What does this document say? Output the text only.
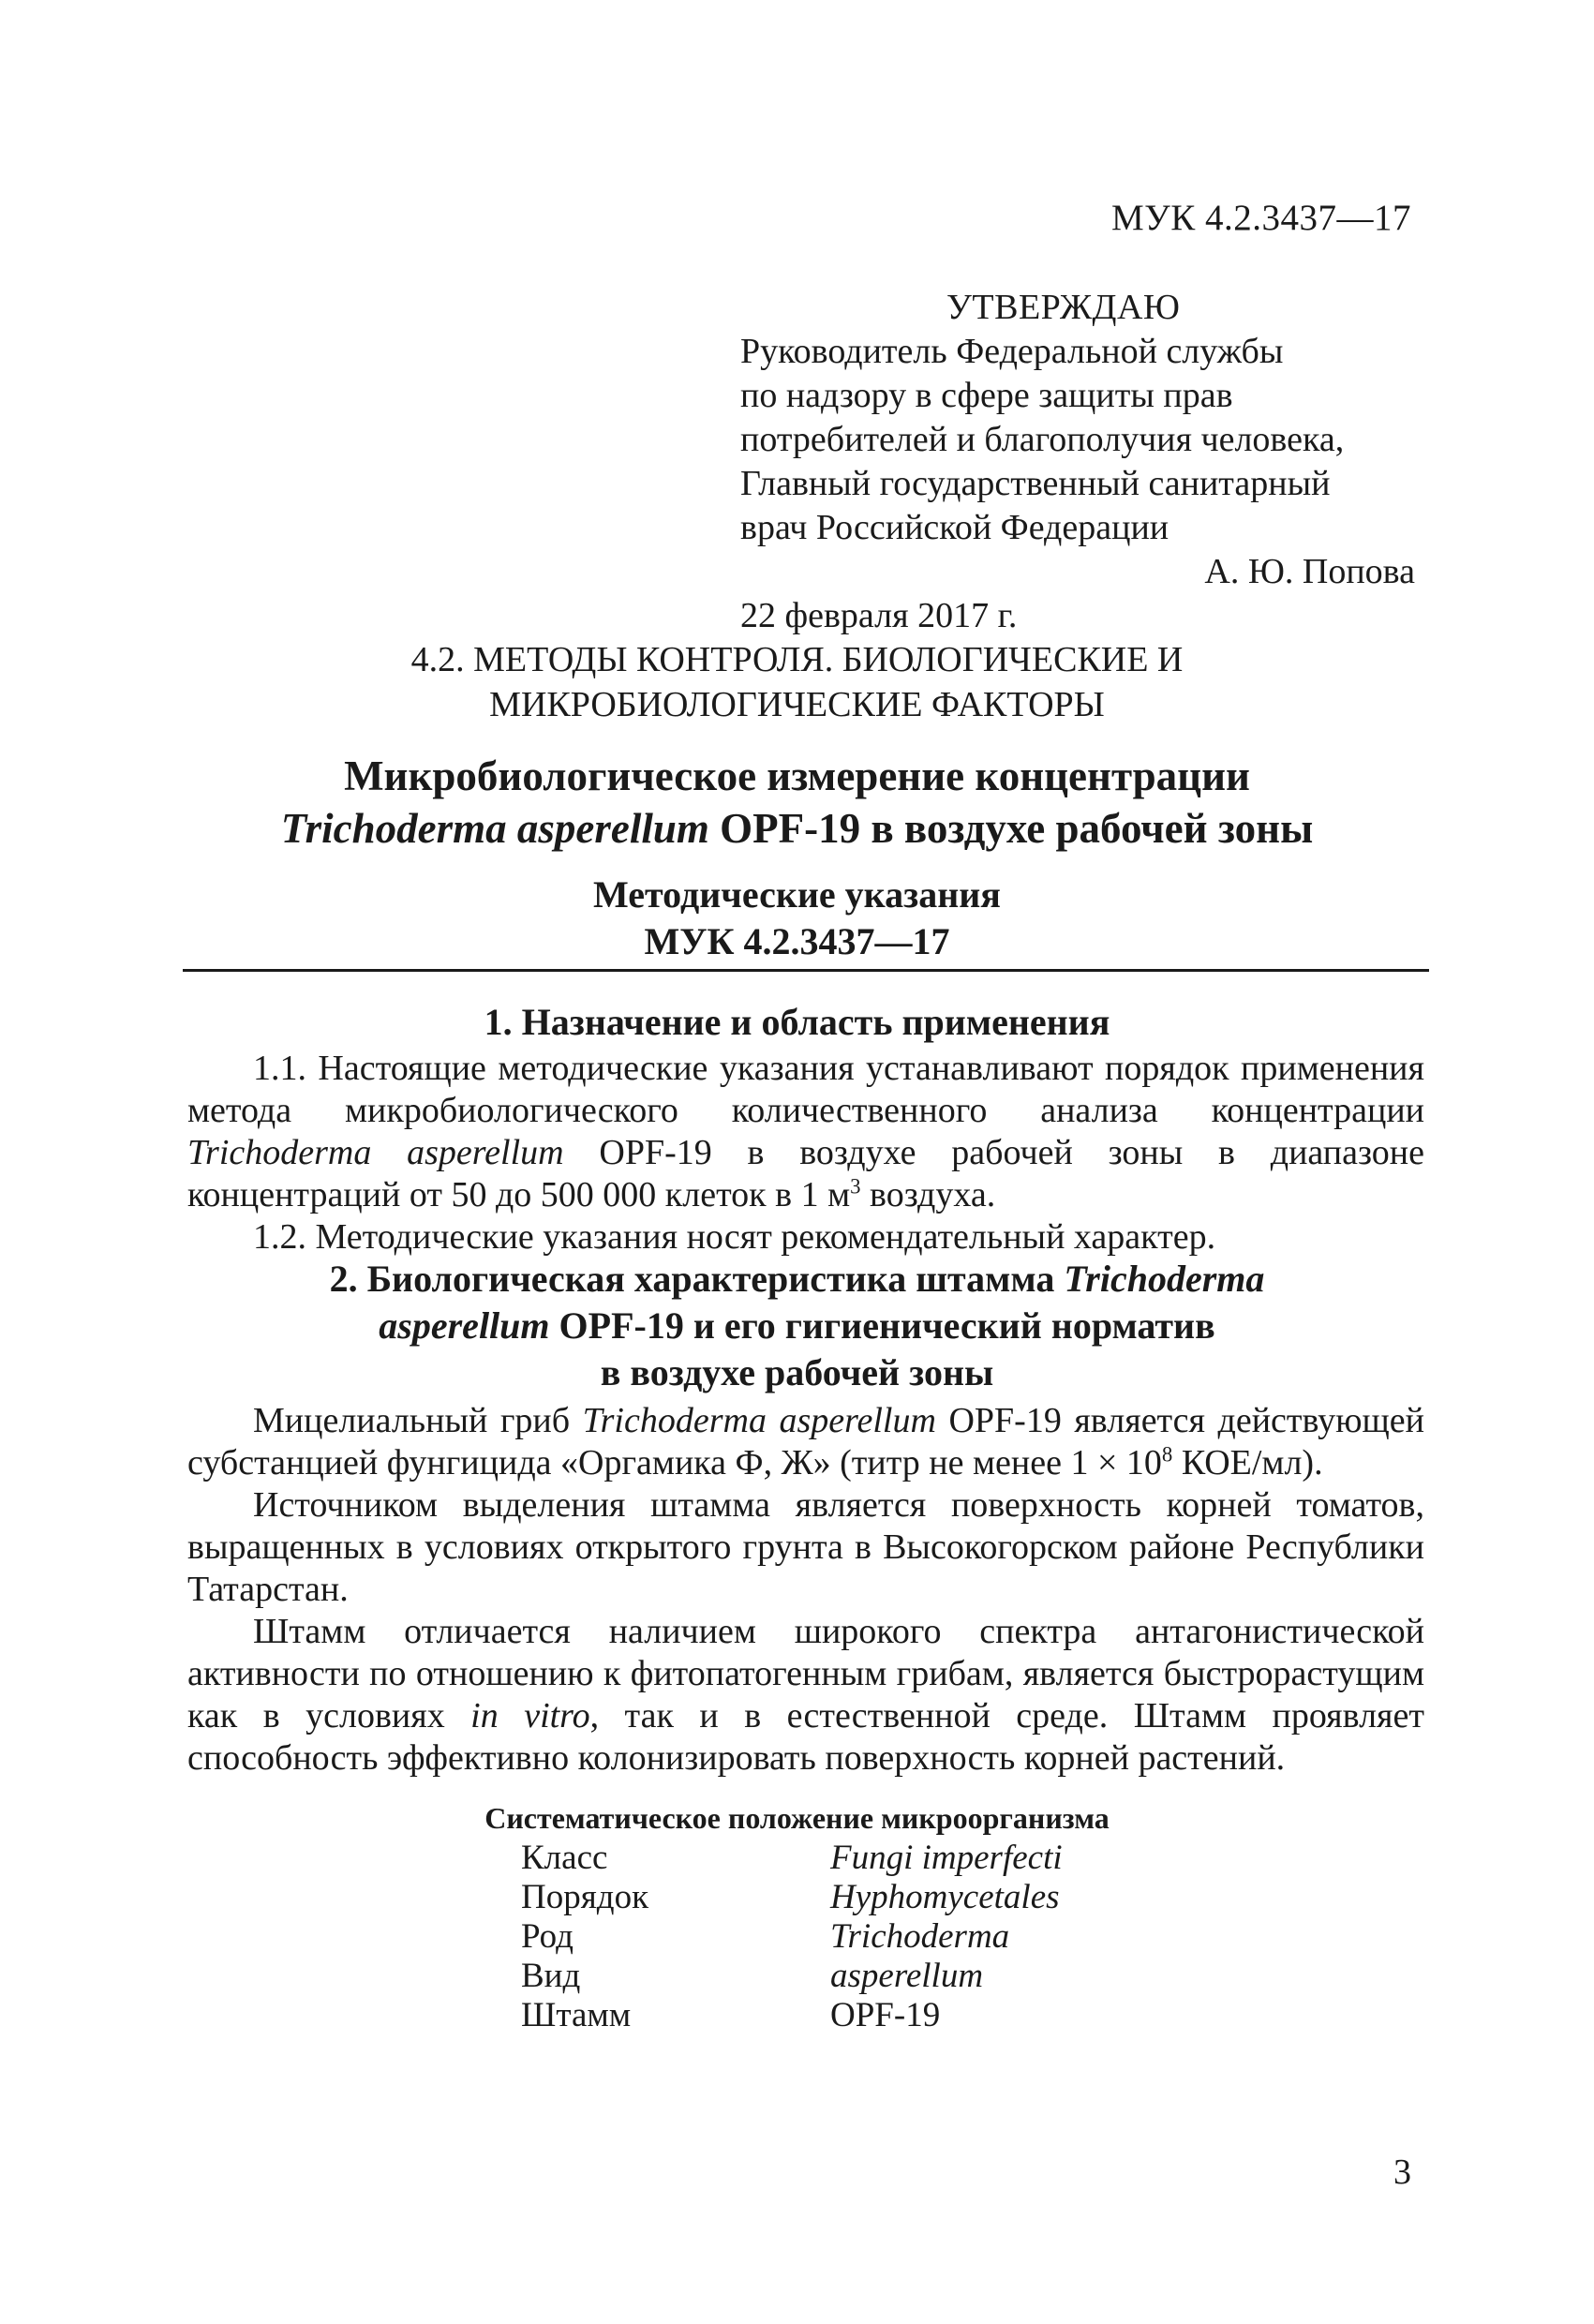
МУК 4.2.3437—17
УТВЕРЖДАЮ
Руководитель Федеральной службы
по надзору в сфере защиты прав
потребителей и благополучия человека,
Главный государственный санитарный
врач Российской Федерации
А. Ю. Попова
22 февраля 2017 г.
4.2. МЕТОДЫ КОНТРОЛЯ. БИОЛОГИЧЕСКИЕ И
МИКРОБИОЛОГИЧЕСКИЕ ФАКТОРЫ
Микробиологическое измерение концентрации
Trichoderma asperellum OPF-19 в воздухе рабочей зоны
Методические указания
МУК 4.2.3437—17
1. Назначение и область применения

1.1. Настоящие методические указания устанавливают порядок применения метода микробиологического количественного анализа концентрации Trichoderma asperellum OPF-19 в воздухе рабочей зоны в диапазоне концентраций от 50 до 500 000 клеток в 1 $м^3$ воздуха.

1.2. Методические указания носят рекомендательный характер.

2. Биологическая характеристика штамма Trichoderma
asperellum OPF-19 и его гигиенический норматив
в воздухе рабочей зоны

Мицелиальный гриб Trichoderma asperellum OPF-19 является действующей субстанцией фунгицида «Оргамика Ф, Ж» (титр не менее $1 \times 10^8$ КОЕ/мл).

Источником выделения штамма является поверхность корней томатов, выращенных в условиях открытого грунта в Высокогорском районе Республики Татарстан.

Штамм отличается наличием широкого спектра антагонистической активности по отношению к фитопатогенным грибам, является быстрорастущим как в условиях in vitro, так и в естественной среде. Штамм проявляет способность эффективно колонизировать поверхность корней растений.

Систематическое положение микроорганизма
Класс	Fungi imperfecti
Порядок	Hyphomycetales
Род	Trichoderma
Вид	asperellum
Штамм	OPF-19
3
